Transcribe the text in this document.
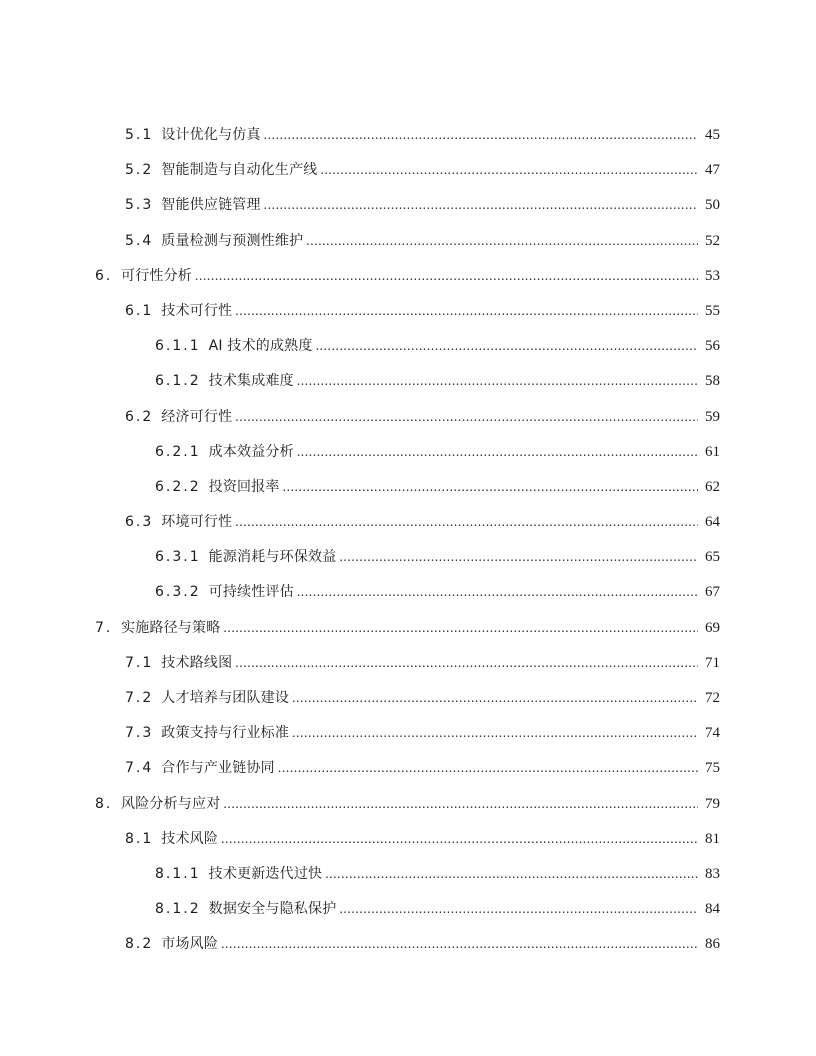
5.1 设计优化与仿真 .....	45
5.2 智能制造与自动化生产线 .....	47
5.3 智能供应链管理 .....	50
5.4 质量检测与预测性维护 .....	52
6. 可行性分析 .....	53
6.1 技术可行性 .....	55
6.1.1 AI 技术的成熟度 .....	56
6.1.2 技术集成难度 .....	58
6.2 经济可行性 .....	59
6.2.1 成本效益分析 .....	61
6.2.2 投资回报率 .....	62
6.3 环境可行性 .....	64
6.3.1 能源消耗与环保效益 .....	65
6.3.2 可持续性评估 .....	67
7. 实施路径与策略 .....	69
7.1 技术路线图 .....	71
7.2 人才培养与团队建设 .....	72
7.3 政策支持与行业标准 .....	74
7.4 合作与产业链协同 .....	75
8. 风险分析与应对 .....	79
8.1 技术风险 .....	81
8.1.1 技术更新迭代过快 .....	83
8.1.2 数据安全与隐私保护 .....	84
8.2 市场风险 .....	86
